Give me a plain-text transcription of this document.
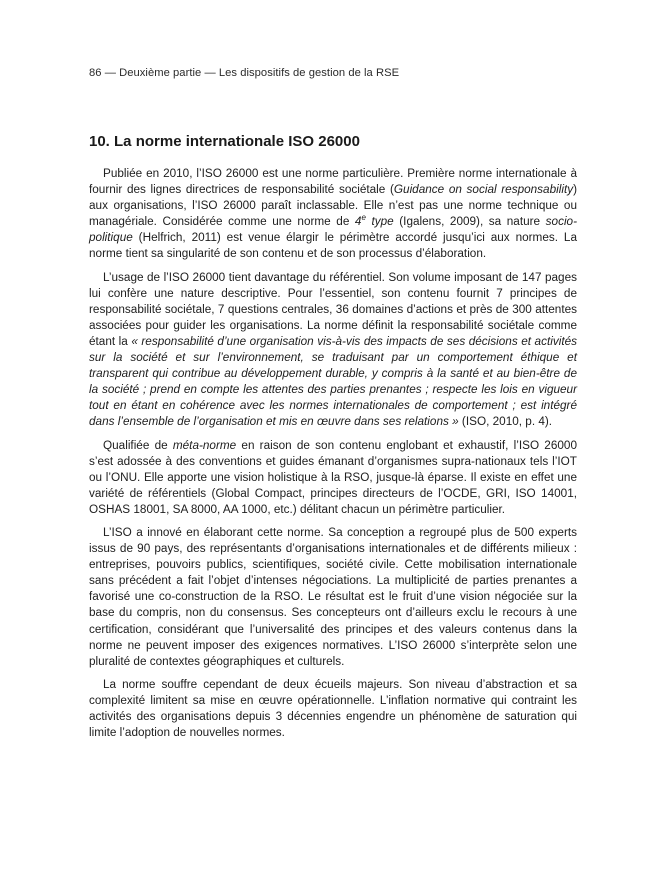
86 — Deuxième partie — Les dispositifs de gestion de la RSE
10. La norme internationale ISO 26000

Publiée en 2010, l’ISO 26000 est une norme particulière. Première norme internationale à fournir des lignes directrices de responsabilité sociétale (Guidance on social responsability) aux organisations, l’ISO 26000 paraît inclassable. Elle n’est pas une norme technique ou managériale. Considérée comme une norme de 4e type (Igalens, 2009), sa nature socio-politique (Helfrich, 2011) est venue élargir le périmètre accordé jusqu’ici aux normes. La norme tient sa singularité de son contenu et de son processus d’élaboration.

L’usage de l’ISO 26000 tient davantage du référentiel. Son volume imposant de 147 pages lui confère une nature descriptive. Pour l’essentiel, son contenu fournit 7 principes de responsabilité sociétale, 7 questions centrales, 36 domaines d’actions et près de 300 attentes associées pour guider les organisations. La norme définit la responsabilité sociétale comme étant la « responsabilité d’une organisation vis-à-vis des impacts de ses décisions et activités sur la société et sur l’environnement, se traduisant par un comportement éthique et transparent qui contribue au développement durable, y compris à la santé et au bien-être de la société ; prend en compte les attentes des parties prenantes ; respecte les lois en vigueur tout en étant en cohérence avec les normes internationales de comportement ; est intégré dans l’ensemble de l’organisation et mis en œuvre dans ses relations » (ISO, 2010, p. 4).

Qualifiée de méta-norme en raison de son contenu englobant et exhaustif, l’ISO 26000 s’est adossée à des conventions et guides émanant d’organismes supra-nationaux tels l’IOT ou l’ONU. Elle apporte une vision holistique à la RSO, jusque-là éparse. Il existe en effet une variété de référentiels (Global Compact, principes directeurs de l’OCDE, GRI, ISO 14001, OSHAS 18001, SA 8000, AA 1000, etc.) délitant chacun un périmètre particulier.

L’ISO a innové en élaborant cette norme. Sa conception a regroupé plus de 500 experts issus de 90 pays, des représentants d’organisations internationales et de différents milieux : entreprises, pouvoirs publics, scientifiques, société civile. Cette mobilisation internationale sans précédent a fait l’objet d’intenses négociations. La multiplicité de parties prenantes a favorisé une co-construction de la RSO. Le résultat est le fruit d’une vision négociée sur la base du compris, non du consensus. Ses concepteurs ont d’ailleurs exclu le recours à une certification, considérant que l’universalité des principes et des valeurs contenus dans la norme ne peuvent imposer des exigences normatives. L’ISO 26000 s’interprète selon une pluralité de contextes géographiques et culturels.

La norme souffre cependant de deux écueils majeurs. Son niveau d’abstraction et sa complexité limitent sa mise en œuvre opérationnelle. L’inflation normative qui contraint les activités des organisations depuis 3 décennies engendre un phénomène de saturation qui limite l’adoption de nouvelles normes.
